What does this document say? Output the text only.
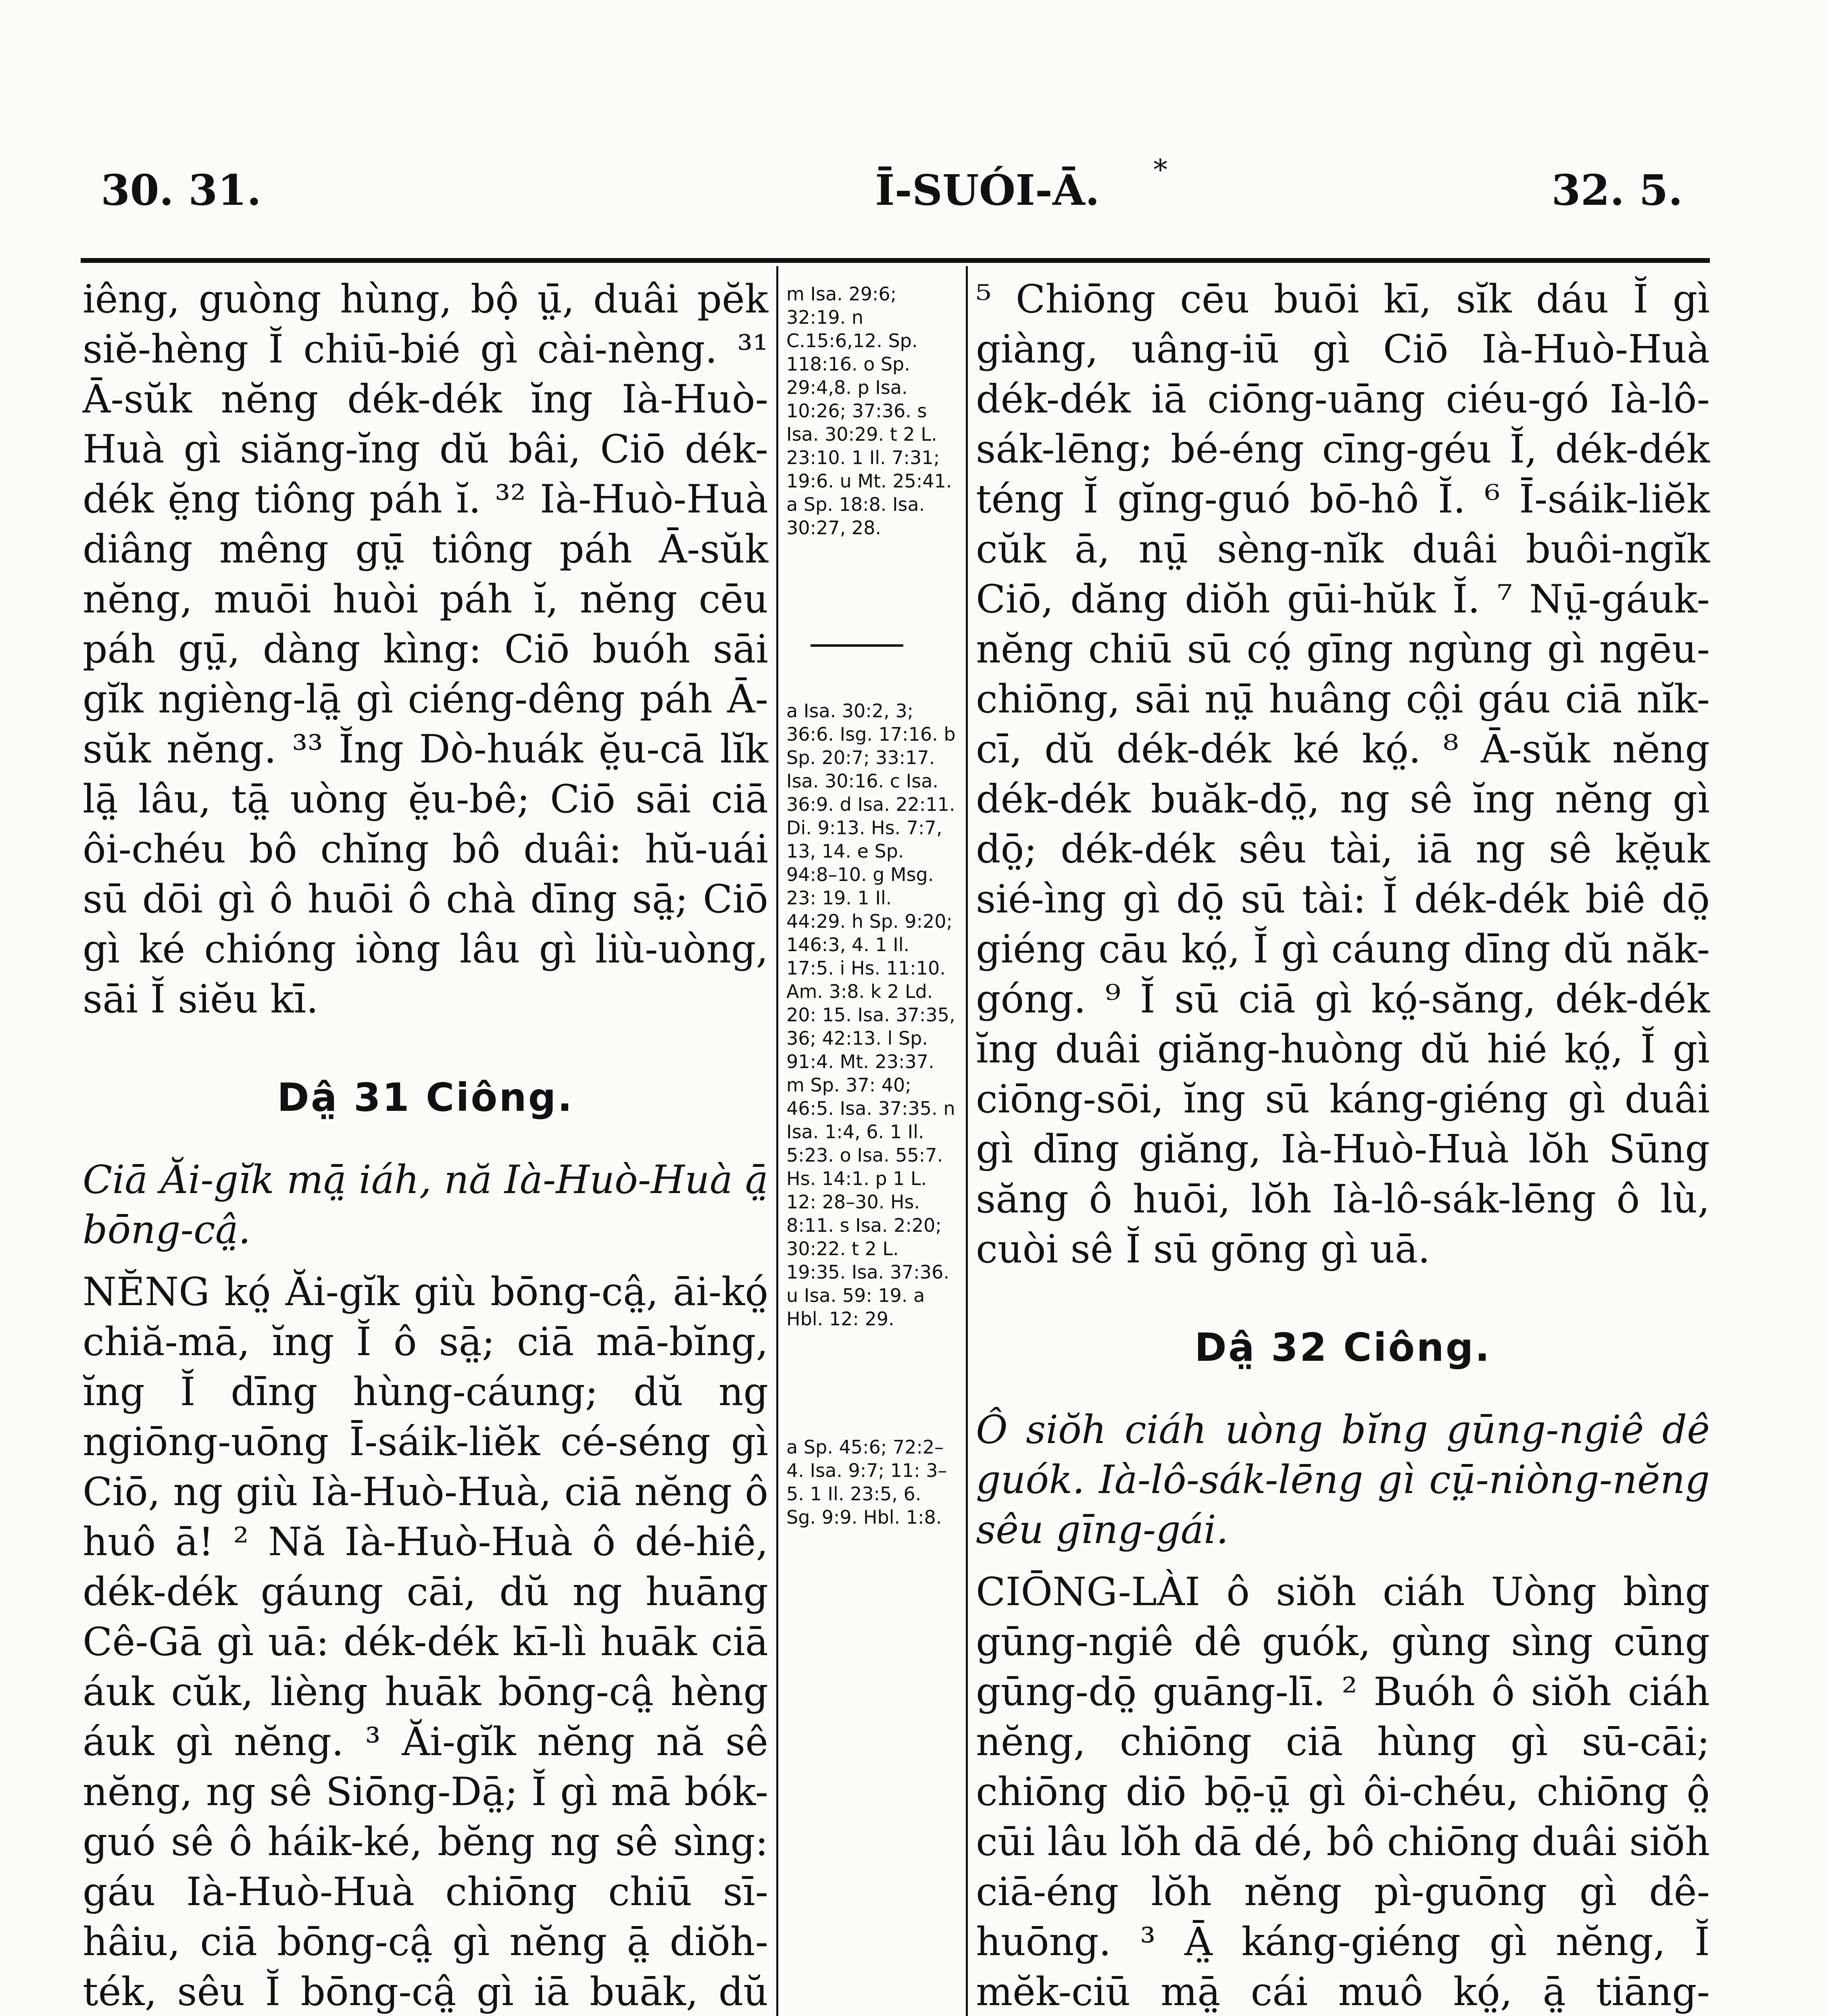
30. 31.	Ī-SUÓI-Ā.	32. 5.
*

iêng, guòng hùng, bộ ṳ̄, duâi pĕk siĕ-hèng Ĭ chiū-bié gì cài-nèng. ³¹ Ā-sŭk nĕng dék-dék ĭng Ià-Huò-Huà gì siăng-ĭng dŭ bâi, Ciō dék-dék ĕ̤ng tiông páh ĭ. ³² Ià-Huò-Huà diâng mêng gṳ̄ tiông páh Ā-sŭk nĕng, muōi huòi páh ĭ, nĕng cēu páh gṳ̄, dàng kìng: Ciō buóh sāi gĭk ngièng-lā̤ gì ciéng-dêng páh Ā-sŭk nĕng. ³³ Ĭng Dò-huák ĕ̤u-cā lĭk lā̤ lâu, tā̤ uòng ĕ̤u-bê; Ciō sāi ciā ôi-chéu bô chĭng bô duâi: hŭ-uái sū dōi gì ô huōi ô chà dīng sā̤; Ciō gì ké chióng iòng lâu gì liù-uòng, sāi Ĭ siĕu kī.

Dâ̤ 31 Ciông.

Ciā Ăi-gĭk mā̤ iáh, nă Ià-Huò-Huà ā̤ bōng-câ̤.

NĔNG kó̤ Ăi-gĭk giù bōng-câ̤, āi-kó̤ chiă-mā, ĭng Ĭ ô sā̤; ciā mā-bĭng, ĭng Ĭ dīng hùng-cáung; dŭ ng ngiōng-uōng Ī-sáik-liĕk cé-séng gì Ciō, ng giù Ià-Huò-Huà, ciā nĕng ô huô ā! ² Nă Ià-Huò-Huà ô dé-hiê, dék-dék gáung cāi, dŭ ng huāng Cê-Gā gì uā: dék-dék kī-lì huāk ciā áuk cŭk, lièng huāk bōng-câ̤ hèng áuk gì nĕng. ³ Ăi-gĭk nĕng nă sê nĕng, ng sê Siōng-Dā̤; Ĭ gì mā bók-guó sê ô háik-ké, bĕng ng sê sìng: gáu Ià-Huò-Huà chiōng chiū sī-hâiu, ciā bōng-câ̤ gì nĕng ā̤ diŏh-ték, sêu Ĭ bōng-câ̤ gì iā buāk, dŭ

m Isa. 29:6; 32:19. n C.15:6,12. Sp. 118:16. o Sp. 29:4,8. p Isa. 10:26; 37:36. s Isa. 30:29. t 2 L. 23:10. 1 Il. 7:31; 19:6. u Mt. 25:41. a Sp. 18:8. Isa. 30:27, 28.
a Isa. 30:2, 3; 36:6. Isg. 17:16. b Sp. 20:7; 33:17. Isa. 30:16. c Isa. 36:9. d Isa. 22:11. Di. 9:13. Hs. 7:7, 13, 14. e Sp. 94:8–10. g Msg. 23: 19. 1 Il. 44:29. h Sp. 9:20; 146:3, 4. 1 Il. 17:5. i Hs. 11:10. Am. 3:8. k 2 Ld. 20: 15. Isa. 37:35, 36; 42:13. l Sp. 91:4. Mt. 23:37. m Sp. 37: 40; 46:5. Isa. 37:35. n Isa. 1:4, 6. 1 Il. 5:23. o Isa. 55:7. Hs. 14:1. p 1 L. 12: 28–30. Hs. 8:11. s Isa. 2:20; 30:22. t 2 L. 19:35. Isa. 37:36. u Isa. 59: 19. a Hbl. 12: 29.
a Sp. 45:6; 72:2–4. Isa. 9:7; 11: 3–5. 1 Il. 23:5, 6. Sg. 9:9. Hbl. 1:8.

⁵ Chiōng cēu buōi kī, sĭk dáu Ĭ gì giàng, uâng-iū gì Ciō Ià-Huò-Huà dék-dék iā ciōng-uāng ciéu-gó Ià-lô-sák-lēng; bé-éng cīng-géu Ĭ, dék-dék téng Ĭ gĭng-guó bō-hô Ĭ. ⁶ Ī-sáik-liĕk cŭk ā, nṳ̄ sèng-nĭk duâi buôi-ngĭk Ciō, dăng diŏh gūi-hŭk Ĭ. ⁷ Nṳ̄-gáuk-nĕng chiū sū có̤ gīng ngùng gì ngēu-chiōng, sāi nṳ̄ huâng cô̤i gáu ciā nĭk-cī, dŭ dék-dék ké kó̤. ⁸ Ā-sŭk nĕng dék-dék buăk-dō̤, ng sê ĭng nĕng gì dō̤; dék-dék sêu tài, iā ng sê kĕ̤uk sié-ìng gì dō̤ sū tài: Ĭ dék-dék biê dō̤ giéng cāu kó̤, Ĭ gì cáung dīng dŭ năk-góng. ⁹ Ĭ sū ciā gì kó̤-săng, dék-dék ĭng duâi giăng-huòng dŭ hié kó̤, Ĭ gì ciōng-sōi, ĭng sū káng-giéng gì duâi gì dīng giăng, Ià-Huò-Huà lŏh Sūng săng ô huōi, lŏh Ià-lô-sák-lēng ô lù, cuòi sê Ĭ sū gōng gì uā.

Dâ̤ 32 Ciông.

Ô siŏh ciáh uòng bĭng gūng-ngiê dê guók. Ià-lô-sák-lēng gì cṳ̄-niòng-nĕng sêu gīng-gái.

CIŌNG-LÀI ô siŏh ciáh Uòng bìng gūng-ngiê dê guók, gùng sìng cūng gūng-dō̤ guāng-lī. ² Buóh ô siŏh ciáh nĕng, chiōng ciā hùng gì sū-cāi; chiōng diō bō̤-ṳ̄ gì ôi-chéu, chiōng ô̤ cūi lâu lŏh dā dé, bô chiōng duâi siŏh ciā-éng lŏh nĕng pì-guōng gì dê-huōng. ³ Ā̤ káng-giéng gì nĕng, Ĭ mĕk-ciū mā̤ cái muô kó̤, ā̤ tiāng-
